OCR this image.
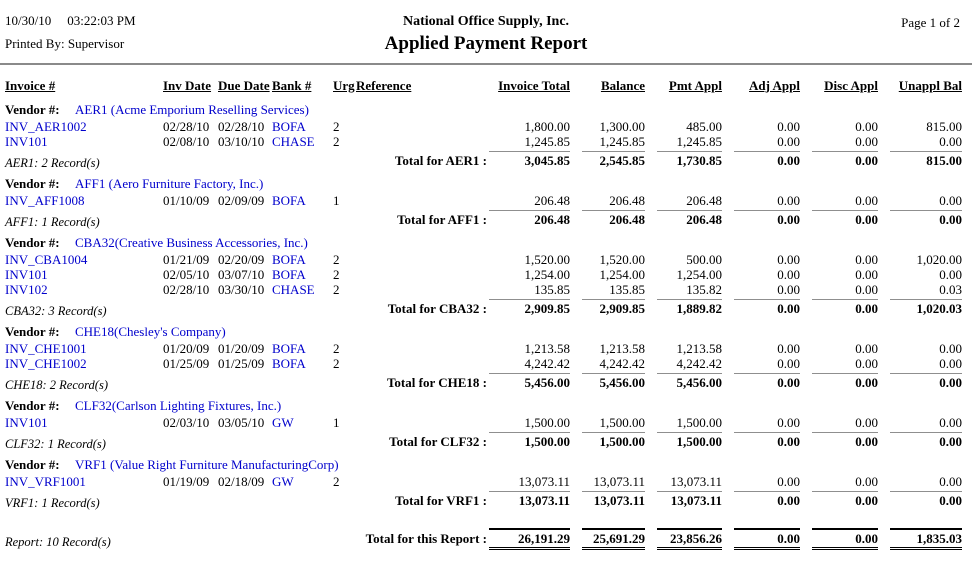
10/30/10 03:22:03 PM
Printed By: Supervisor
National Office Supply, Inc.
Applied Payment Report
Page 1 of 2
Invoice #	Inv Date Due Date Bank #	Urg Reference	Invoice Total	Balance	Pmt Appl	Adj Appl	Disc Appl	Unappl Bal
Vendor #:	AER1 (Acme Emporium Reselling Services)
INV_AER1002	02/28/10 02/28/10 BOFA	2	1,800.00	1,300.00	485.00	0.00	0.00	815.00
INV101	02/08/10 03/10/10 CHASE	2	1,245.85	1,245.85	1,245.85	0.00	0.00	0.00
AER1: 2 Record(s)	Total for AER1 :	3,045.85	2,545.85	1,730.85	0.00	0.00	815.00
Vendor #:	AFF1 (Aero Furniture Factory, Inc.)
INV_AFF1008	01/10/09 02/09/09 BOFA	1	206.48	206.48	206.48	0.00	0.00	0.00
AFF1: 1 Record(s)	Total for AFF1 :	206.48	206.48	206.48	0.00	0.00	0.00
Vendor #:	CBA32(Creative Business Accessories, Inc.)
INV_CBA1004	01/21/09 02/20/09 BOFA	2	1,520.00	1,520.00	500.00	0.00	0.00	1,020.00
INV101	02/05/10 03/07/10 BOFA	2	1,254.00	1,254.00	1,254.00	0.00	0.00	0.00
INV102	02/28/10 03/30/10 CHASE	2	135.85	135.85	135.82	0.00	0.00	0.03
CBA32: 3 Record(s)	Total for CBA32 :	2,909.85	2,909.85	1,889.82	0.00	0.00	1,020.03
Vendor #:	CHE18(Chesley's Company)
INV_CHE1001	01/20/09 01/20/09 BOFA	2	1,213.58	1,213.58	1,213.58	0.00	0.00	0.00
INV_CHE1002	01/25/09 01/25/09 BOFA	2	4,242.42	4,242.42	4,242.42	0.00	0.00	0.00
CHE18: 2 Record(s)	Total for CHE18 :	5,456.00	5,456.00	5,456.00	0.00	0.00	0.00
Vendor #:	CLF32(Carlson Lighting Fixtures, Inc.)
INV101	02/03/10 03/05/10 GW	1	1,500.00	1,500.00	1,500.00	0.00	0.00	0.00
CLF32: 1 Record(s)	Total for CLF32 :	1,500.00	1,500.00	1,500.00	0.00	0.00	0.00
Vendor #:	VRF1 (Value Right Furniture ManufacturingCorp)
INV_VRF1001	01/19/09 02/18/09 GW	2	13,073.11	13,073.11	13,073.11	0.00	0.00	0.00
VRF1: 1 Record(s)	Total for VRF1 :	13,073.11	13,073.11	13,073.11	0.00	0.00	0.00
Report: 10 Record(s)	Total for this Report :	26,191.29	25,691.29	23,856.26	0.00	0.00	1,835.03
